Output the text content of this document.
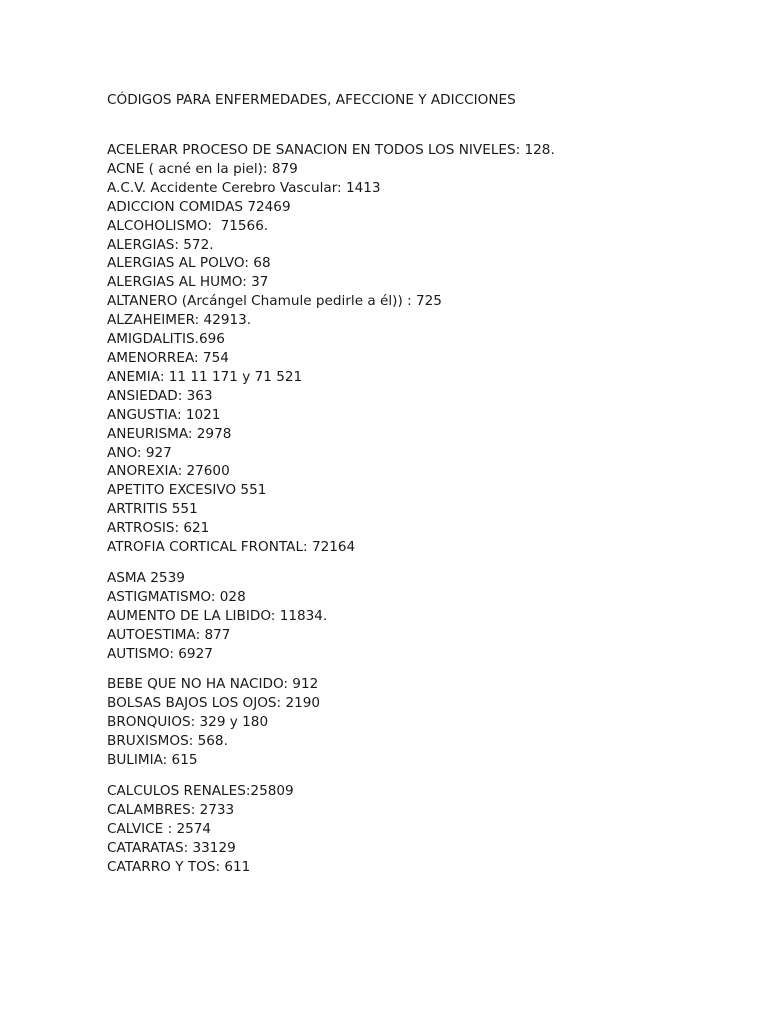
CÓDIGOS PARA ENFERMEDADES, AFECCIONE Y ADICCIONES
ACELERAR PROCESO DE SANACION EN TODOS LOS NIVELES: 128.
ACNE ( acné en la piel): 879
A.C.V. Accidente Cerebro Vascular: 1413
ADICCION COMIDAS 72469
ALCOHOLISMO:  71566.
ALERGIAS: 572.
ALERGIAS AL POLVO: 68
ALERGIAS AL HUMO: 37
ALTANERO (Arcángel Chamule pedirle a él)) : 725
ALZAHEIMER: 42913.
AMIGDALITIS.696
AMENORREA: 754
ANEMIA: 11 11 171 y 71 521
ANSIEDAD: 363
ANGUSTIA: 1021
ANEURISMA: 2978
ANO: 927
ANOREXIA: 27600
APETITO EXCESIVO 551
ARTRITIS 551
ARTROSIS: 621
ATROFIA CORTICAL FRONTAL: 72164
ASMA 2539
ASTIGMATISMO: 028
AUMENTO DE LA LIBIDO: 11834.
AUTOESTIMA: 877
AUTISMO: 6927
BEBE QUE NO HA NACIDO: 912
BOLSAS BAJOS LOS OJOS: 2190
BRONQUIOS: 329 y 180
BRUXISMOS: 568.
BULIMIA: 615
CALCULOS RENALES:25809
CALAMBRES: 2733
CALVICE : 2574
CATARATAS: 33129
CATARRO Y TOS: 611
